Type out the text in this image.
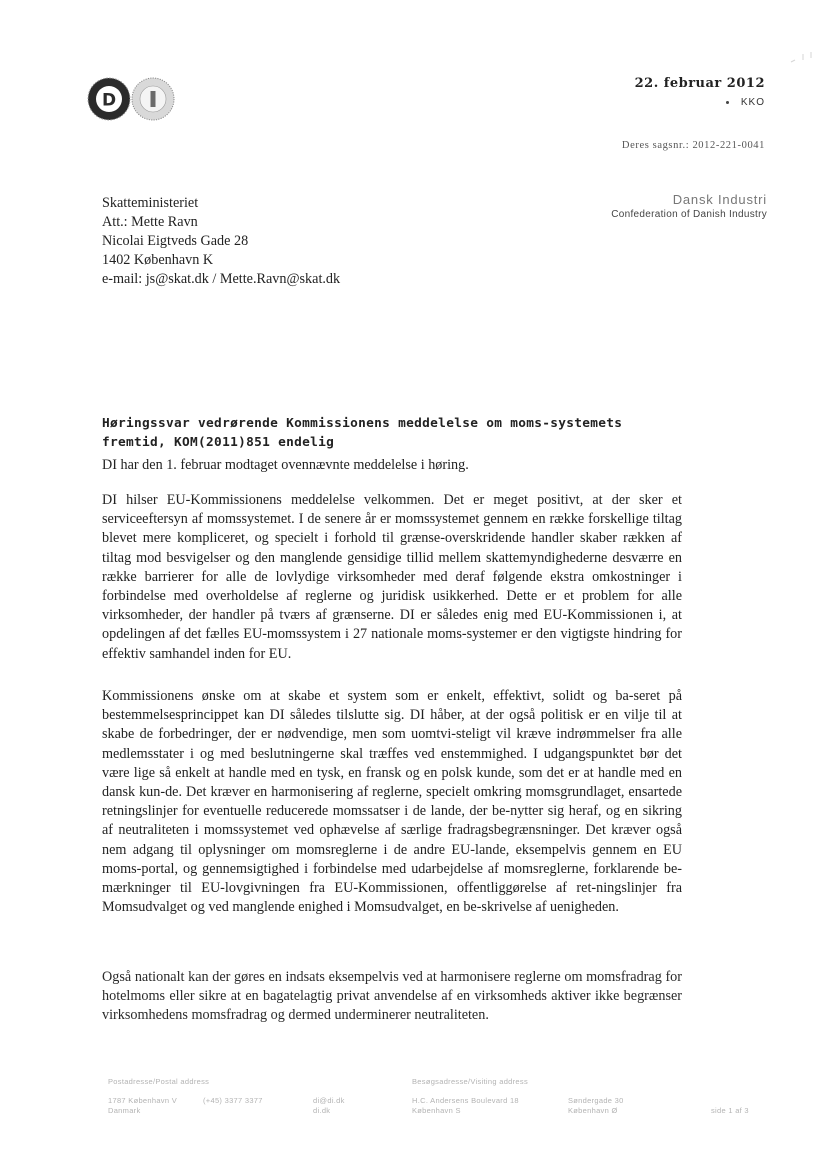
D
22. februar 2012
KKO
Deres sagsnr.: 2012-221-0041
Dansk Industri
Confederation of Danish Industry
Skatteministeriet
Att.: Mette Ravn
Nicolai Eigtveds Gade 28
1402 København K
e-mail: js@skat.dk / Mette.Ravn@skat.dk
Høringssvar vedrørende Kommissionens meddelelse om moms-systemets fremtid, KOM(2011)851 endelig
DI har den 1. februar modtaget ovennævnte meddelelse i høring.
DI hilser EU-Kommissionens meddelelse velkommen. Det er meget positivt, at der sker et serviceeftersyn af momssystemet. I de senere år er momssystemet gennem en række forskellige tiltag blevet mere kompliceret, og specielt i forhold til grænse-overskridende handler skaber rækken af tiltag mod besvigelser og den manglende gensidige tillid mellem skattemyndighederne desværre en række barrierer for alle de lovlydige virksomheder med deraf følgende ekstra omkostninger i forbindelse med overholdelse af reglerne og juridisk usikkerhed. Dette er et problem for alle virksomheder, der handler på tværs af grænserne. DI er således enig med EU-Kommissionen i, at opdelingen af det fælles EU-momssystem i 27 nationale moms-systemer er den vigtigste hindring for effektiv samhandel inden for EU.
Kommissionens ønske om at skabe et system som er enkelt, effektivt, solidt og ba-seret på bestemmelsesprincippet kan DI således tilslutte sig. DI håber, at der også politisk er en vilje til at skabe de forbedringer, der er nødvendige, men som uomtvi-steligt vil kræve indrømmelser fra alle medlemsstater i og med beslutningerne skal træffes ved enstemmighed. I udgangspunktet bør det være lige så enkelt at handle med en tysk, en fransk og en polsk kunde, som det er at handle med en dansk kun-de. Det kræver en harmonisering af reglerne, specielt omkring momsgrundlaget, ensartede retningslinjer for eventuelle reducerede momssatser i de lande, der be-nytter sig heraf, og en sikring af neutraliteten i momssystemet ved ophævelse af særlige fradragsbegrænsninger. Det kræver også nem adgang til oplysninger om momsreglerne i de andre EU-lande, eksempelvis gennem en EU moms-portal, og gennemsigtighed i forbindelse med udarbejdelse af momsreglerne, forklarende be-mærkninger til EU-lovgivningen fra EU-Kommissionen, offentliggørelse af ret-ningslinjer fra Momsudvalget og ved manglende enighed i Momsudvalget, en be-skrivelse af uenigheden.
Også nationalt kan der gøres en indsats eksempelvis ved at harmonisere reglerne om momsfradrag for hotelmoms eller sikre at en bagatelagtig privat anvendelse af en virksomheds aktiver ikke begrænser virksomhedens momsfradrag og dermed underminerer neutraliteten.
Postadresse/Postal address	Besøgsadresse/Visiting address
1787 København V
Danmark
(+45) 3377 3377	di@di.dk
di.dk
H.C. Andersens Boulevard 18
København S
Søndergade 30
København Ø	side 1 af 3
